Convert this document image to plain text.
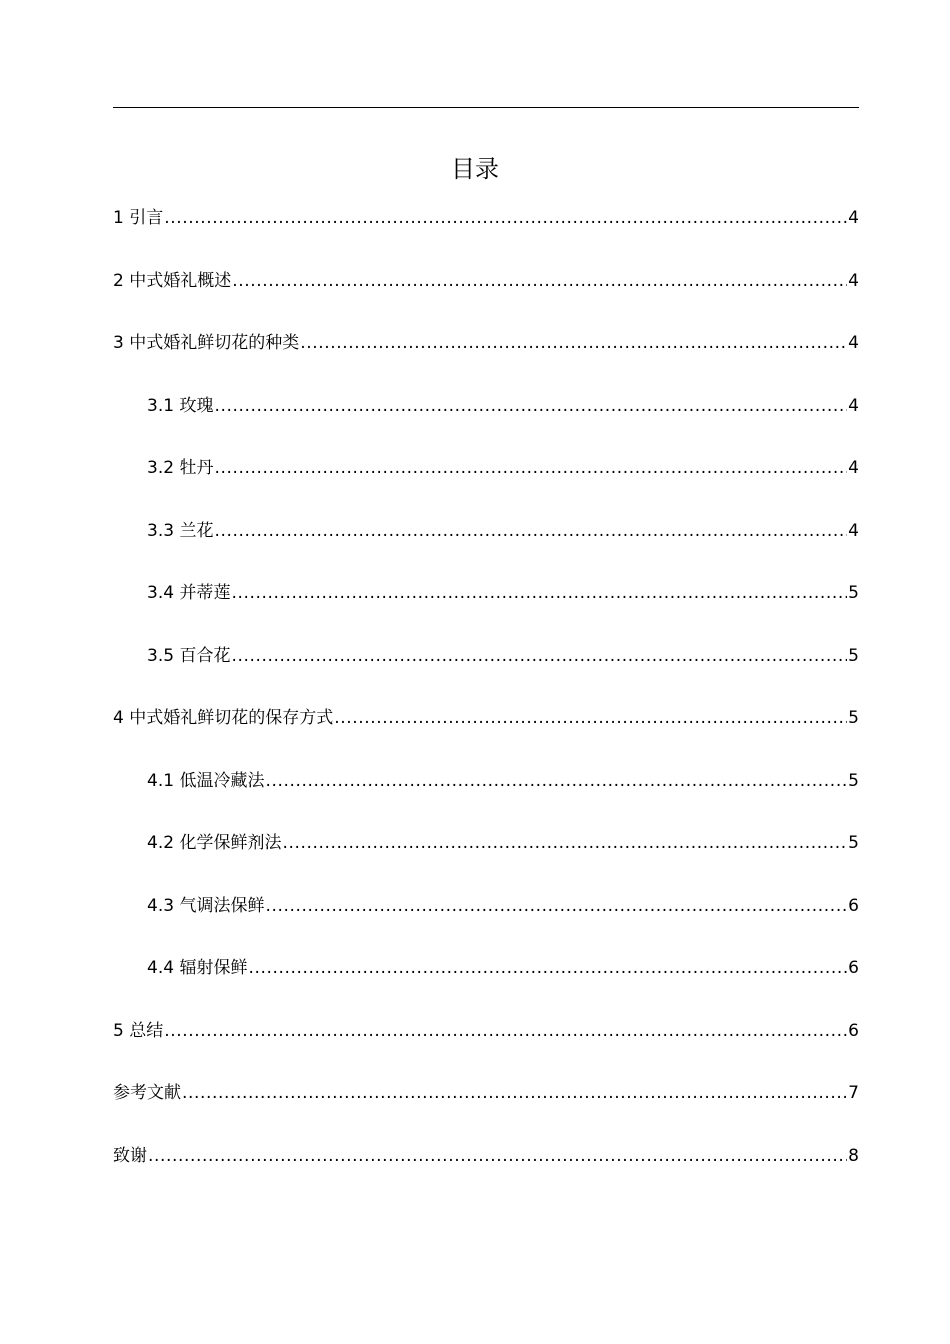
目录
1 引言 .....	4
2 中式婚礼概述 .....	4
3 中式婚礼鲜切花的种类 .....	4
3.1 玫瑰 .....	4
3.2 牡丹 .....	4
3.3 兰花 .....	4
3.4 并蒂莲 .....	5
3.5 百合花 .....	5
4 中式婚礼鲜切花的保存方式 .....	5
4.1 低温冷藏法 .....	5
4.2 化学保鲜剂法 .....	5
4.3 气调法保鲜 .....	6
4.4 辐射保鲜 .....	6
5 总结 .....	6
参考文献 .....	7
致谢 .....	8
